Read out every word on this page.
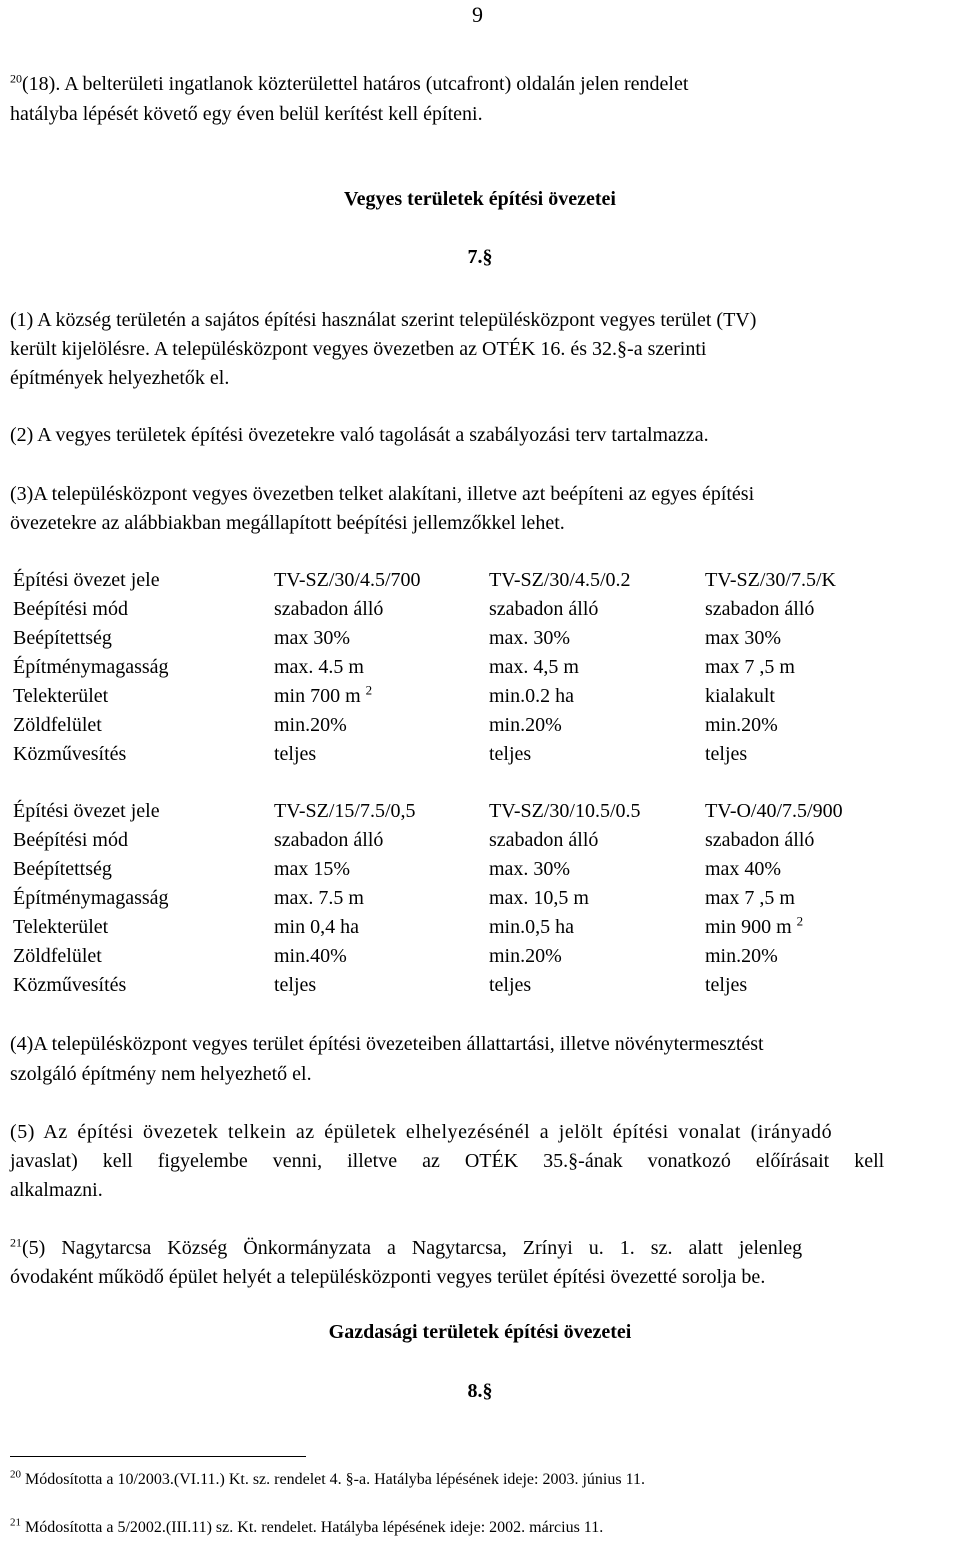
9
$^{20}$(18). A belterületi ingatlanok közterülettel határos (utcafront) oldalán jelen rendelet
hatályba lépését követő egy éven belül kerítést kell építeni.
Vegyes területek építési övezetei
7.§
(1) A község területén a sajátos építési használat szerint településközpont vegyes terület (TV)
került kijelölésre. A településközpont vegyes övezetben az OTÉK 16. és 32.§-a szerinti
építmények helyezhetők el.
(2) A vegyes területek építési övezetekre való tagolását a szabályozási terv tartalmazza.
(3)A településközpont vegyes övezetben telket alakítani, illetve azt beépíteni az egyes építési
övezetekre az alábbiakban megállapított beépítési jellemzőkkel lehet.
Építési övezet jele	TV-SZ/30/4.5/700	TV-SZ/30/4.5/0.2	TV-SZ/30/7.5/K
Beépítési mód	szabadon álló	szabadon álló	szabadon álló
Beépítettség	max 30%	max. 30%	max 30%
Építménymagasság	max. 4.5 m	max. 4,5 m	max 7 ,5 m
Telekterület	min 700 m $^2$	min.0.2 ha	kialakult
Zöldfelület	min.20%	min.20%	min.20%
Közművesítés	teljes	teljes	teljes
Építési övezet jele	TV-SZ/15/7.5/0,5	TV-SZ/30/10.5/0.5	TV-O/40/7.5/900
Beépítési mód	szabadon álló	szabadon álló	szabadon álló
Beépítettség	max 15%	max. 30%	max 40%
Építménymagasság	max. 7.5 m	max. 10,5 m	max 7 ,5 m
Telekterület	min 0,4 ha	min.0,5 ha	min 900 m $^2$
Zöldfelület	min.40%	min.20%	min.20%
Közművesítés	teljes	teljes	teljes
(4)A településközpont vegyes terület építési övezeteiben állattartási, illetve növénytermesztést
szolgáló építmény nem helyezhető el.
(5) Az építési övezetek telkein az épületek elhelyezésénél a jelölt építési vonalat (irányadó
javaslat) kell figyelembe venni, illetve az OTÉK 35.§-ának vonatkozó előírásait kell
alkalmazni.
$^{21}$(5) Nagytarcsa Község Önkormányzata a Nagytarcsa, Zrínyi u. 1. sz. alatt jelenleg
óvodaként működő épület helyét a településközponti vegyes terület építési övezetté sorolja be.
Gazdasági területek építési övezetei
8.§
$^{20}$ Módosította a 10/2003.(VI.11.) Kt. sz. rendelet 4. §-a. Hatályba lépésének ideje: 2003. június 11.
$^{21}$ Módosította a 5/2002.(III.11) sz. Kt. rendelet. Hatályba lépésének ideje: 2002. március 11.
